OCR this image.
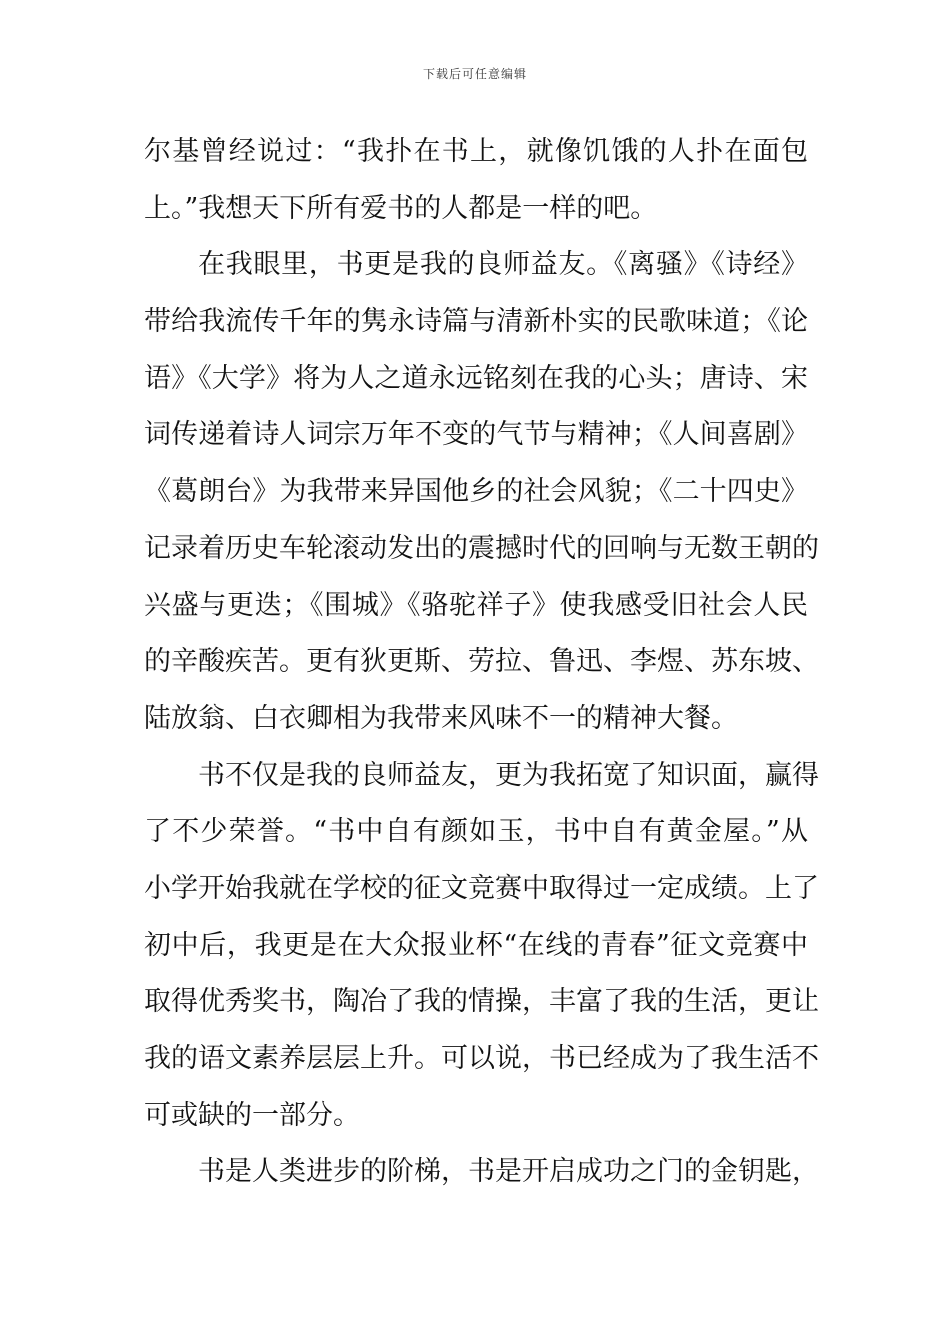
下载后可任意编辑
尔基曾经说过：“我扑在书上，就像饥饿的人扑在面包
上。”我想天下所有爱书的人都是一样的吧。
在我眼里，书更是我的良师益友。《离骚》《诗经》
带给我流传千年的隽永诗篇与清新朴实的民歌味道；《论
语》《大学》将为人之道永远铭刻在我的心头；唐诗、宋
词传递着诗人词宗万年不变的气节与精神；《人间喜剧》
《葛朗台》为我带来异国他乡的社会风貌；《二十四史》
记录着历史车轮滚动发出的震撼时代的回响与无数王朝的
兴盛与更迭；《围城》《骆驼祥子》使我感受旧社会人民
的辛酸疾苦。更有狄更斯、劳拉、鲁迅、李煜、苏东坡、
陆放翁、白衣卿相为我带来风味不一的精神大餐。
书不仅是我的良师益友，更为我拓宽了知识面，赢得
了不少荣誉。“书中自有颜如玉，书中自有黄金屋。”从
小学开始我就在学校的征文竞赛中取得过一定成绩。上了
初中后，我更是在大众报业杯“在线的青春”征文竞赛中
取得优秀奖书，陶冶了我的情操，丰富了我的生活，更让
我的语文素养层层上升。可以说，书已经成为了我生活不
可或缺的一部分。
书是人类进步的阶梯，书是开启成功之门的金钥匙，
